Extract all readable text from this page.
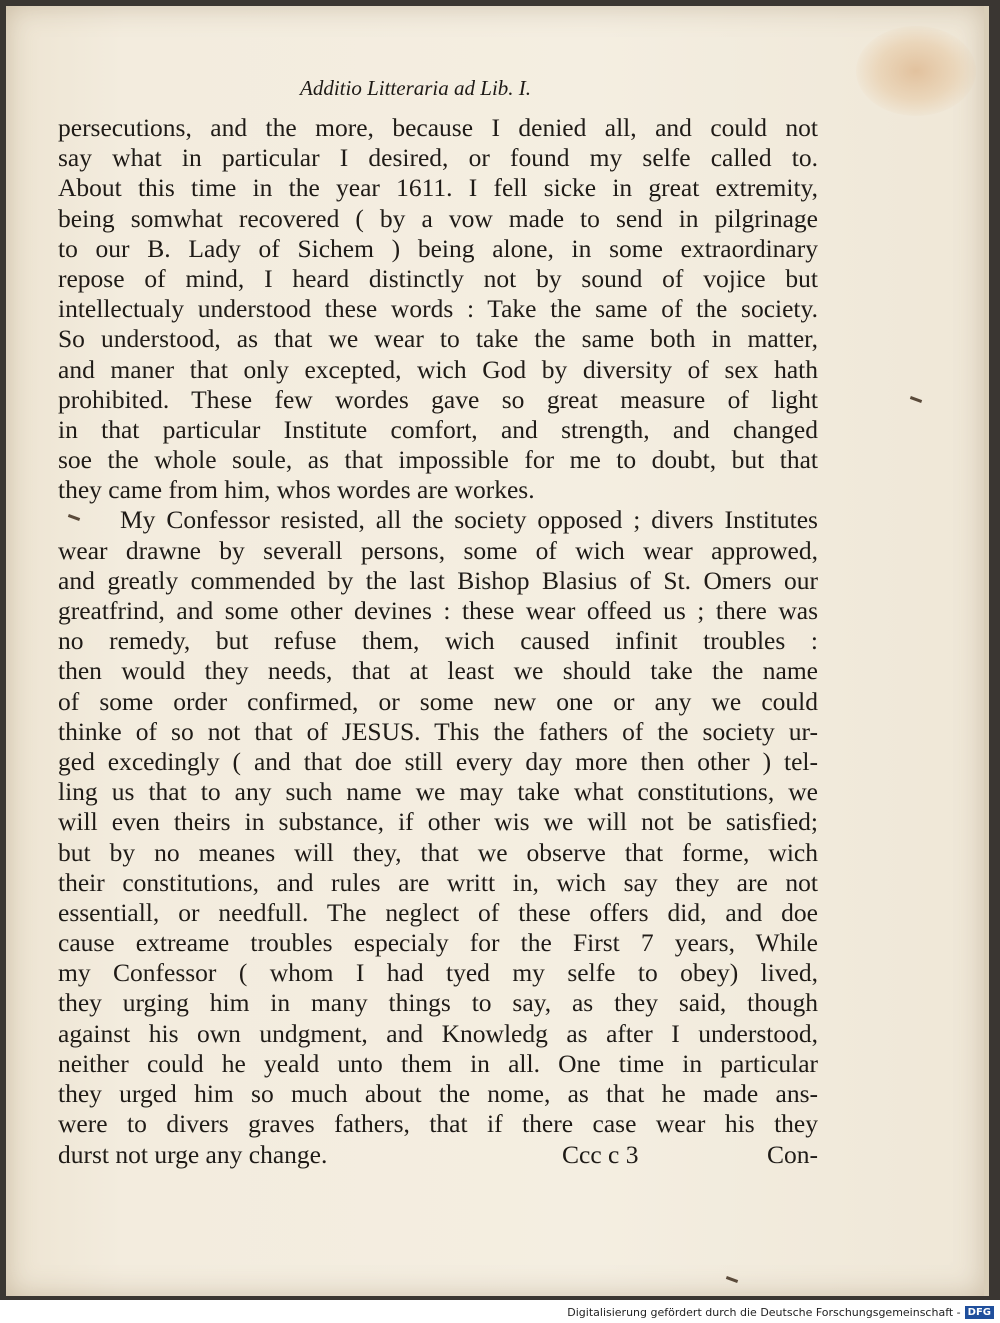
Additio Litteraria ad Lib. I.
persecutions, and the more, because I denied all, and could not
say what in particular I desired, or found my selfe called to.
About this time in the year 1611. I fell sicke in great extremity,
being somwhat recovered ( by a vow made to send in pilgrinage
to our B. Lady of Sichem ) being alone, in some extraordinary
repose of mind, I heard distinctly not by sound of vojice but
intellectualy understood these words : Take the same of the society.
So understood, as that we wear to take the same both in matter,
and maner that only excepted, wich God by diversity of sex hath
prohibited. These few wordes gave so great measure of light
in that particular Institute comfort, and strength, and changed
soe the whole soule, as that impossible for me to doubt, but that
they came from him, whos wordes are workes.
My Confessor resisted, all the society opposed ; divers Institutes
wear drawne by severall persons, some of wich wear approwed,
and greatly commended by the last Bishop Blasius of St. Omers our
greatfrind, and some other devines : these wear offeed us ; there was
no remedy, but refuse them, wich caused infinit troubles :
then would they needs, that at least we should take the name
of some order confirmed, or some new one or any we could
thinke of so not that of JESUS. This the fathers of the society ur-
ged excedingly ( and that doe still every day more then other ) tel-
ling us that to any such name we may take what constitutions, we
will even theirs in substance, if other wis we will not be satisfied;
but by no meanes will they, that we observe that forme, wich
their constitutions, and rules are writt in, wich say they are not
essentiall, or needfull. The neglect of these offers did, and doe
cause extreame troubles especialy for the First 7 years, While
my Confessor ( whom I had tyed my selfe to obey) lived,
they urging him in many things to say, as they said, though
against his own undgment, and Knowledg as after I understood,
neither could he yeald unto them in all. One time in particular
they urged him so much about the nome, as that he made ans-
were to divers graves fathers, that if there case wear his they
durst not urge any change.	Ccc c 3	Con-
Digitalisierung gefördert durch die Deutsche Forschungsgemeinschaft - DFG
